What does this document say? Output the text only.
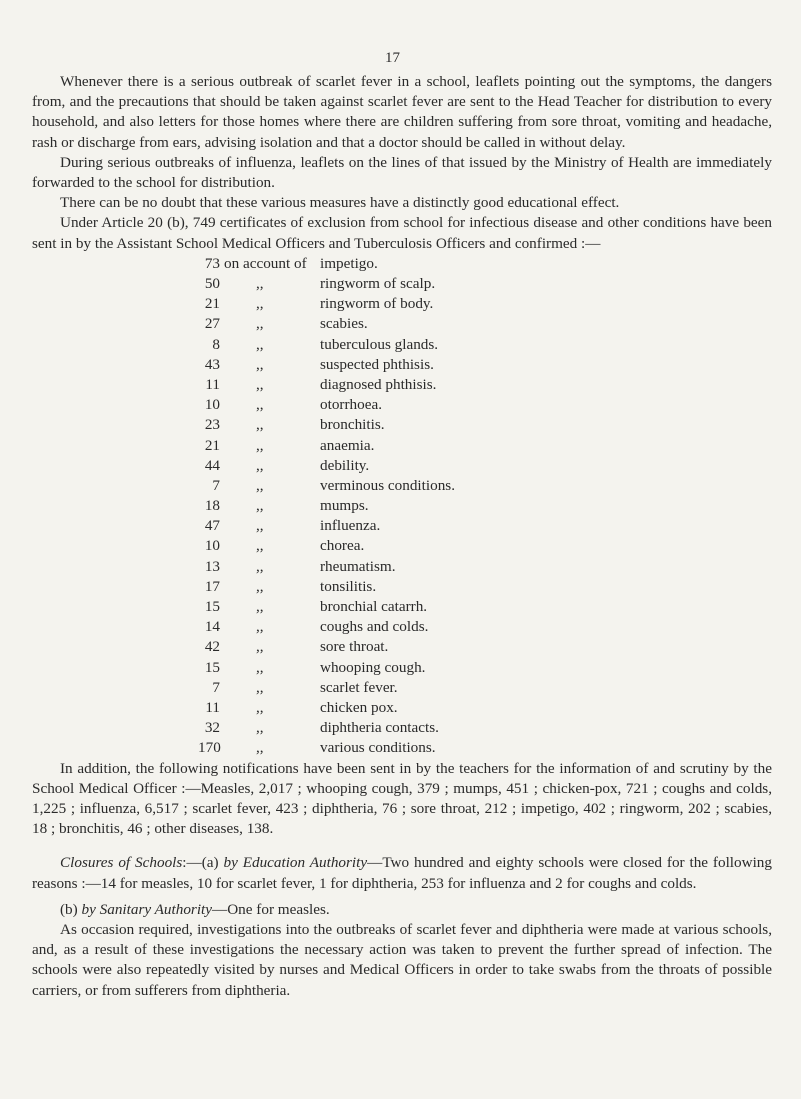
17

Whenever there is a serious outbreak of scarlet fever in a school, leaflets pointing out the symptoms, the dangers from, and the precautions that should be taken against scarlet fever are sent to the Head Teacher for distribution to every household, and also letters for those homes where there are children suffering from sore throat, vomiting and headache, rash or discharge from ears, advising isolation and that a doctor should be called in without delay.

During serious outbreaks of influenza, leaflets on the lines of that issued by the Ministry of Health are immediately forwarded to the school for distribution.

There can be no doubt that these various measures have a distinctly good educational effect.

Under Article 20 (b), 749 certificates of exclusion from school for infectious disease and other conditions have been sent in by the Assistant School Medical Officers and Tuberculosis Officers and confirmed :—

73 on account of impetigo.
50 ,,	ringworm of scalp.
21 ,,	ringworm of body.
27 ,,	scabies.
8 ,,	tuberculous glands.
43 ,,	suspected phthisis.
11 ,,	diagnosed phthisis.
10 ,,	otorrhoea.
23 ,,	bronchitis.
21 ,,	anaemia.
44 ,,	debility.
7 ,,	verminous conditions.
18 ,,	mumps.
47 ,,	influenza.
10 ,,	chorea.
13 ,,	rheumatism.
17 ,,	tonsilitis.
15 ,,	bronchial catarrh.
14 ,,	coughs and colds.
42 ,,	sore throat.
15 ,,	whooping cough.
7 ,,	scarlet fever.
11 ,,	chicken pox.
32 ,,	diphtheria contacts.
170 ,,	various conditions.

In addition, the following notifications have been sent in by the teachers for the information of and scrutiny by the School Medical Officer :—Measles, 2,017 ; whooping cough, 379 ; mumps, 451 ; chicken-pox, 721 ; coughs and colds, 1,225 ; influenza, 6,517 ; scarlet fever, 423 ; diphtheria, 76 ; sore throat, 212 ; impetigo, 402 ; ringworm, 202 ; scabies, 18 ; bronchitis, 46 ; other diseases, 138.

Closures of Schools:—(a) by Education Authority—Two hundred and eighty schools were closed for the following reasons :—14 for measles, 10 for scarlet fever, 1 for diphtheria, 253 for influenza and 2 for coughs and colds.

(b) by Sanitary Authority—One for measles.

As occasion required, investigations into the outbreaks of scarlet fever and diphtheria were made at various schools, and, as a result of these investigations the necessary action was taken to prevent the further spread of infection. The schools were also repeatedly visited by nurses and Medical Officers in order to take swabs from the throats of possible carriers, or from sufferers from diphtheria.
